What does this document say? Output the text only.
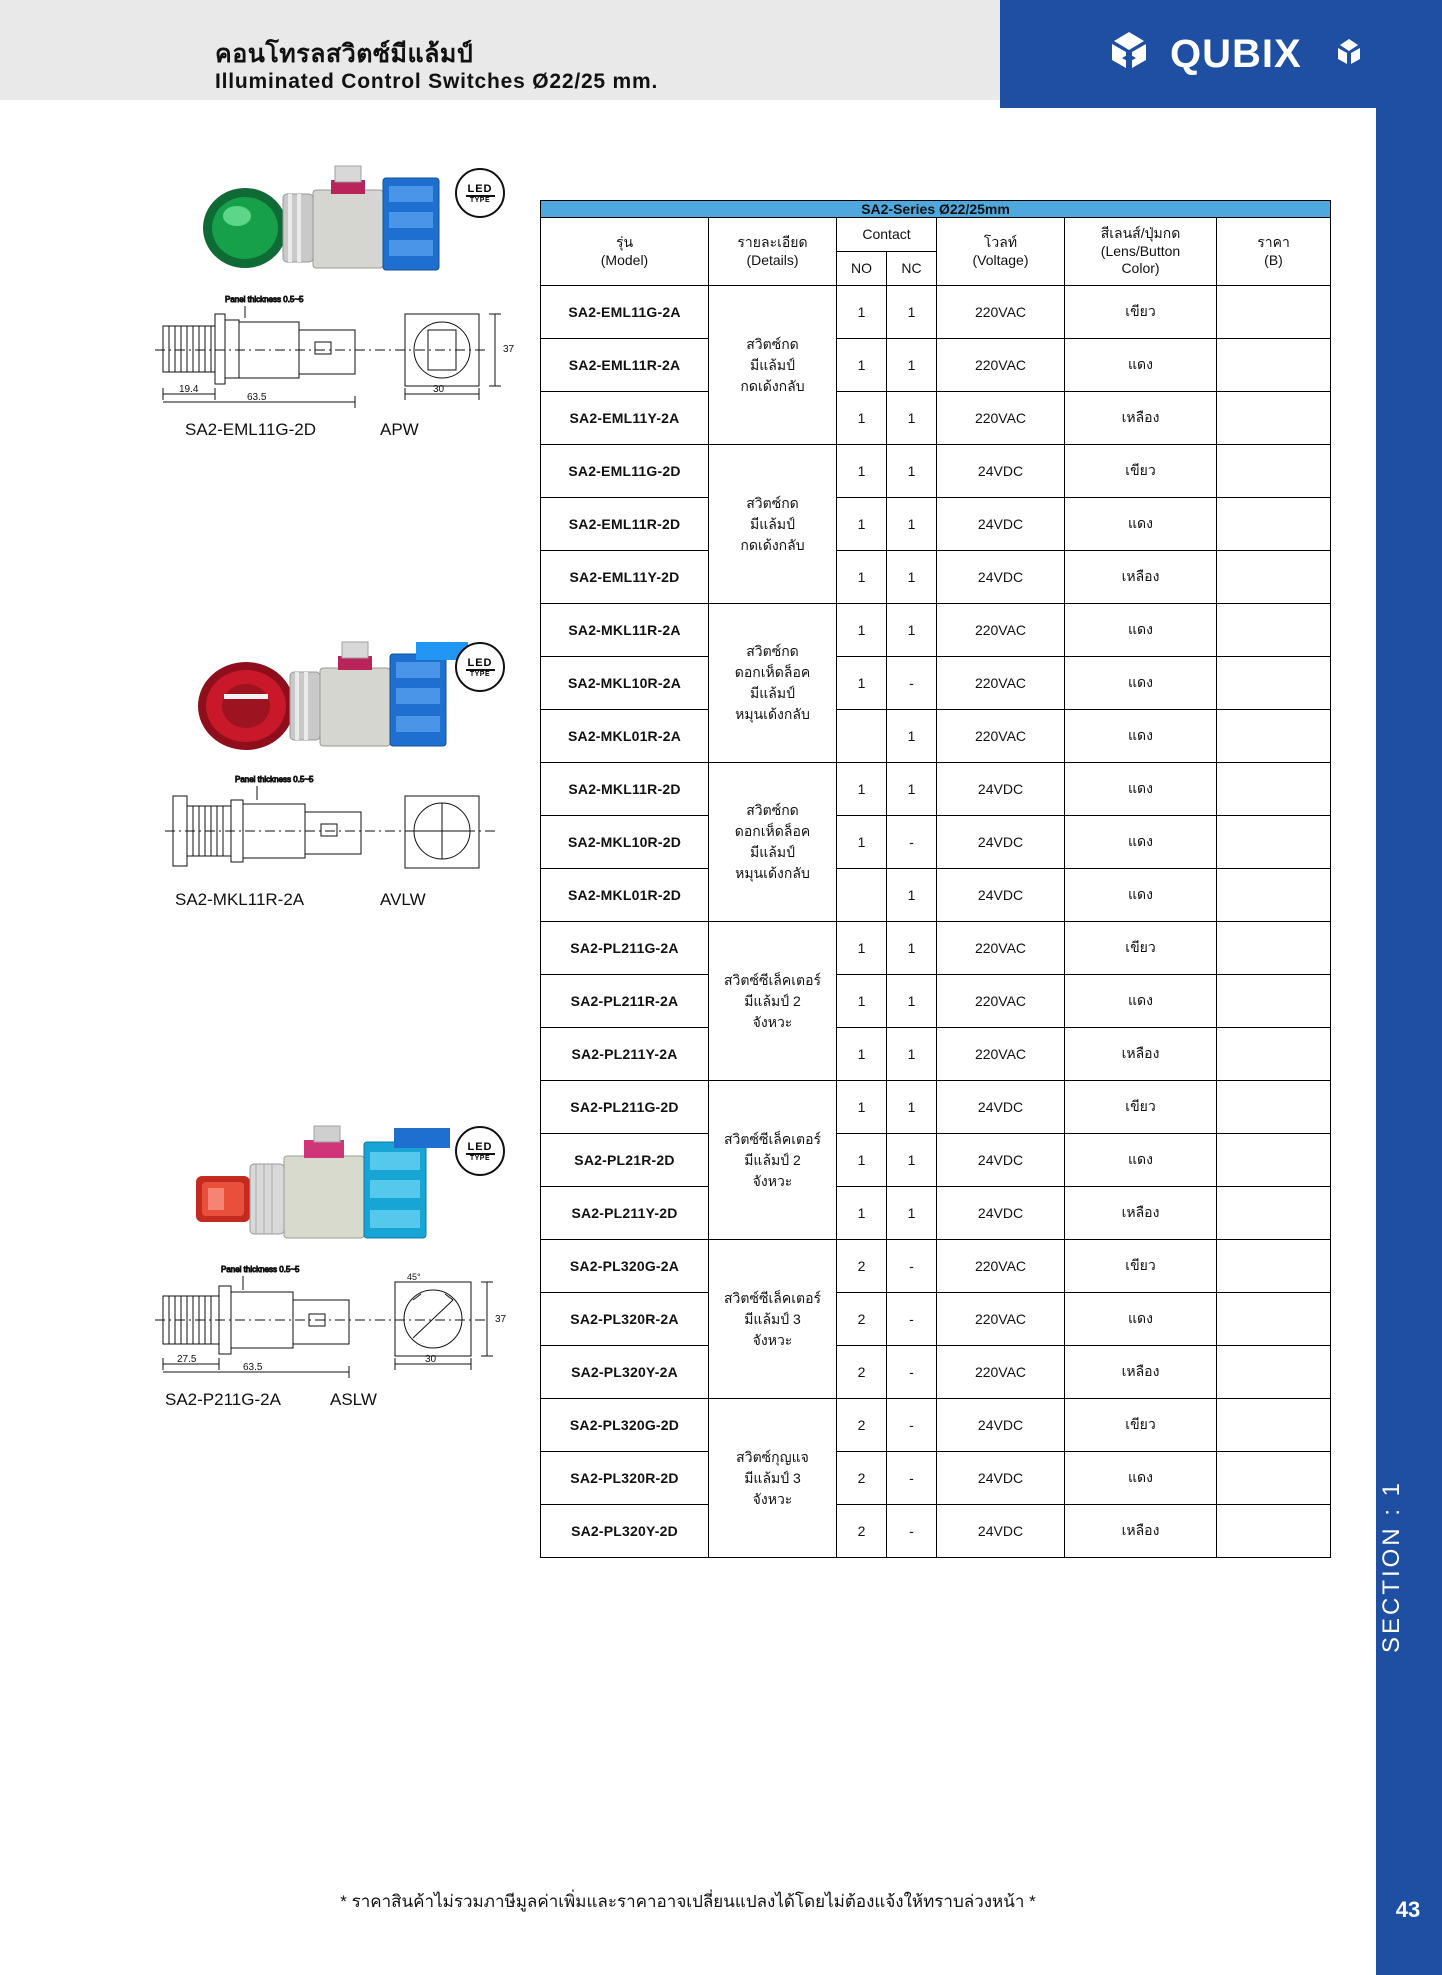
คอนโทรลสวิตซ์มีแล้มป์
Illuminated Control Switches Ø22/25 mm.
QUBIX
SECTION : 1
43
LED
TYPE
Panel thickness 0.5~5
19.4
63.5
30
37
SA2-EML11G-2D	APW
LED
TYPE
Panel thickness 0.5~5
SA2-MKL11R-2A	AVLW
LED
TYPE
Panel thickness 0.5~5
27.5
63.5
30
37
45°
SA2-P211G-2A	ASLW
SA2-Series Ø22/25mm						

รุ่น
(Model)

รายละเอียด
(Details)
	Contact	
โวลท์
(Voltage)

สีเลนส์/ปุ่มกด
(Lens/Button
Color)

ราคา
(B)

		NO	NC			
SA2-EML11G-2A	สวิตซ์กด
มีแล้มป์
กดเด้งกลับ	1	1	220VAC	เขียว	
SA2-EML11R-2A		1	1	220VAC	แดง	
SA2-EML11Y-2A		1	1	220VAC	เหลือง	
SA2-EML11G-2D	สวิตซ์กด
มีแล้มป์
กดเด้งกลับ	1	1	24VDC	เขียว	
SA2-EML11R-2D		1	1	24VDC	แดง	
SA2-EML11Y-2D		1	1	24VDC	เหลือง	
SA2-MKL11R-2A	สวิตซ์กด
ดอกเห็ดล็อค
มีแล้มป์
หมุนเด้งกลับ	1	1	220VAC	แดง	
SA2-MKL10R-2A		1	-	220VAC	แดง	
SA2-MKL01R-2A			1	220VAC	แดง	
SA2-MKL11R-2D	สวิตซ์กด
ดอกเห็ดล็อค
มีแล้มป์
หมุนเด้งกลับ	1	1	24VDC	แดง	
SA2-MKL10R-2D		1	-	24VDC	แดง	
SA2-MKL01R-2D			1	24VDC	แดง	
SA2-PL211G-2A	สวิตซ์ซีเล็คเตอร์
มีแล้มป์ 2
จังหวะ	1	1	220VAC	เขียว	
SA2-PL211R-2A		1	1	220VAC	แดง	
SA2-PL211Y-2A		1	1	220VAC	เหลือง	
SA2-PL211G-2D	สวิตซ์ซีเล็คเตอร์
มีแล้มป์ 2
จังหวะ	1	1	24VDC	เขียว	
SA2-PL21R-2D		1	1	24VDC	แดง	
SA2-PL211Y-2D		1	1	24VDC	เหลือง	
SA2-PL320G-2A	สวิตซ์ซีเล็คเตอร์
มีแล้มป์ 3
จังหวะ	2	-	220VAC	เขียว	
SA2-PL320R-2A		2	-	220VAC	แดง	
SA2-PL320Y-2A		2	-	220VAC	เหลือง	
SA2-PL320G-2D	สวิตซ์กุญแจ
มีแล้มป์ 3
จังหวะ	2	-	24VDC	เขียว	
SA2-PL320R-2D		2	-	24VDC	แดง	
SA2-PL320Y-2D		2	-	24VDC	เหลือง	
* ราคาสินค้าไม่รวมภาษีมูลค่าเพิ่มและราคาอาจเปลี่ยนแปลงได้โดยไม่ต้องแจ้งให้ทราบล่วงหน้า *
